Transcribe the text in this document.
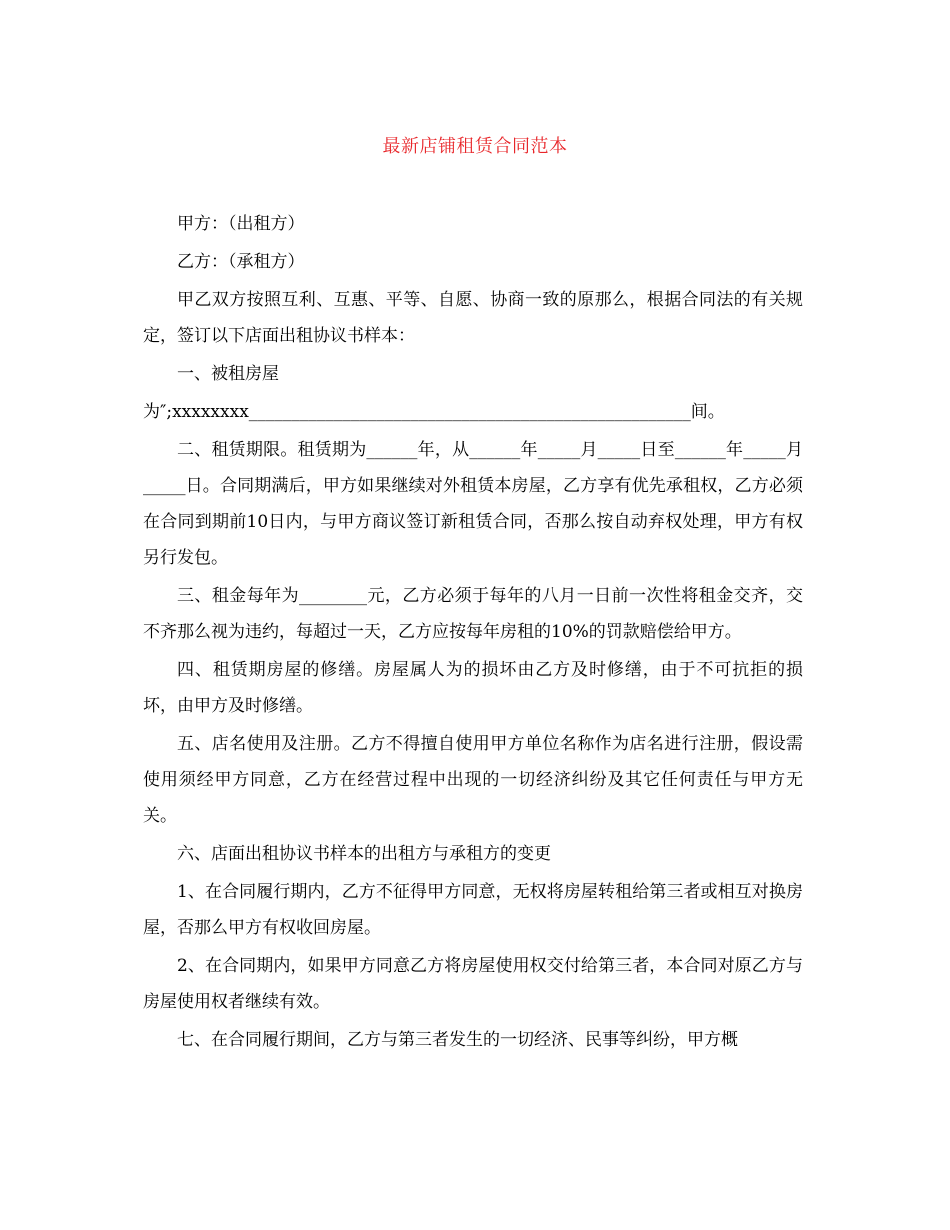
最新店铺租赁合同范本

甲方：（出租方）

乙方：（承租方）

甲乙双方按照互利、互惠、平等、自愿、协商一致的原那么，根据合同法的有关规定，签订以下店面出租协议书样本：

一、被租房屋

为″;xxxxxxxx____________________________________________________间。

二、租赁期限。租赁期为______年，从______年_____月_____日至______年_____月_____日。合同期满后，甲方如果继续对外租赁本房屋，乙方享有优先承租权，乙方必须在合同到期前10日内，与甲方商议签订新租赁合同，否那么按自动弃权处理，甲方有权另行发包。

三、租金每年为________元，乙方必须于每年的八月一日前一次性将租金交齐，交不齐那么视为违约，每超过一天，乙方应按每年房租的10%的罚款赔偿给甲方。

四、租赁期房屋的修缮。房屋属人为的损坏由乙方及时修缮，由于不可抗拒的损坏，由甲方及时修缮。

五、店名使用及注册。乙方不得擅自使用甲方单位名称作为店名进行注册，假设需使用须经甲方同意，乙方在经营过程中出现的一切经济纠纷及其它任何责任与甲方无关。

六、店面出租协议书样本的出租方与承租方的变更

1、在合同履行期内，乙方不征得甲方同意，无权将房屋转租给第三者或相互对换房屋，否那么甲方有权收回房屋。

2、在合同期内，如果甲方同意乙方将房屋使用权交付给第三者，本合同对原乙方与房屋使用权者继续有效。

七、在合同履行期间，乙方与第三者发生的一切经济、民事等纠纷，甲方概
